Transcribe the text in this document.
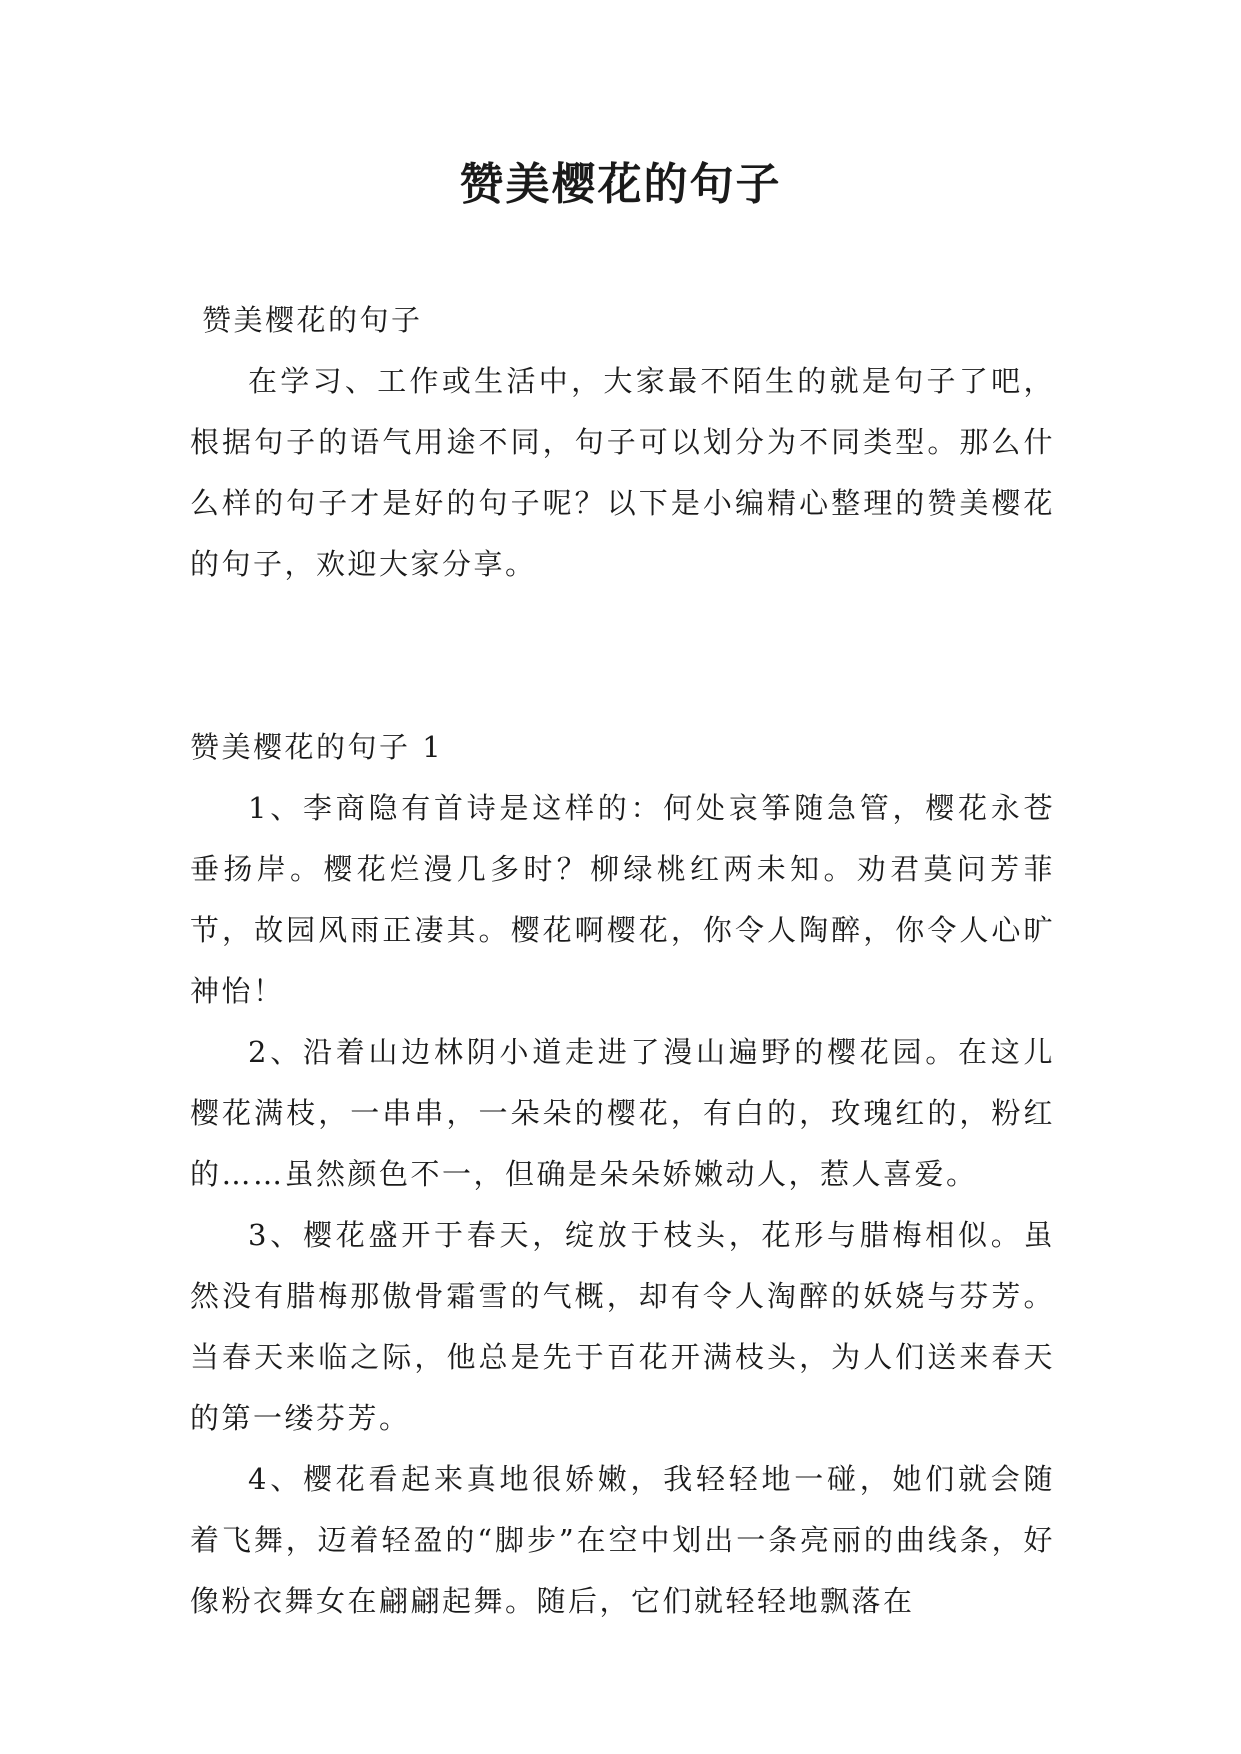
赞美樱花的句子

赞美樱花的句子

在学习、工作或生活中，大家最不陌生的就是句子了吧，根据句子的语气用途不同，句子可以划分为不同类型。那么什么样的句子才是好的句子呢？以下是小编精心整理的赞美樱花的句子，欢迎大家分享。

赞美樱花的句子 1

1、李商隐有首诗是这样的：何处哀筝随急管，樱花永苍垂扬岸。樱花烂漫几多时？柳绿桃红两未知。劝君莫问芳菲节，故园风雨正凄其。樱花啊樱花，你令人陶醉，你令人心旷神怡！

2、沿着山边林阴小道走进了漫山遍野的樱花园。在这儿樱花满枝，一串串，一朵朵的樱花，有白的，玫瑰红的，粉红的……虽然颜色不一，但确是朵朵娇嫩动人，惹人喜爱。

3、樱花盛开于春天，绽放于枝头，花形与腊梅相似。虽然没有腊梅那傲骨霜雪的气概，却有令人淘醉的妖娆与芬芳。当春天来临之际，他总是先于百花开满枝头，为人们送来春天的第一缕芬芳。

4、樱花看起来真地很娇嫩，我轻轻地一碰，她们就会随着飞舞，迈着轻盈的“脚步”在空中划出一条亮丽的曲线条，好像粉衣舞女在翩翩起舞。随后，它们就轻轻地飘落在
